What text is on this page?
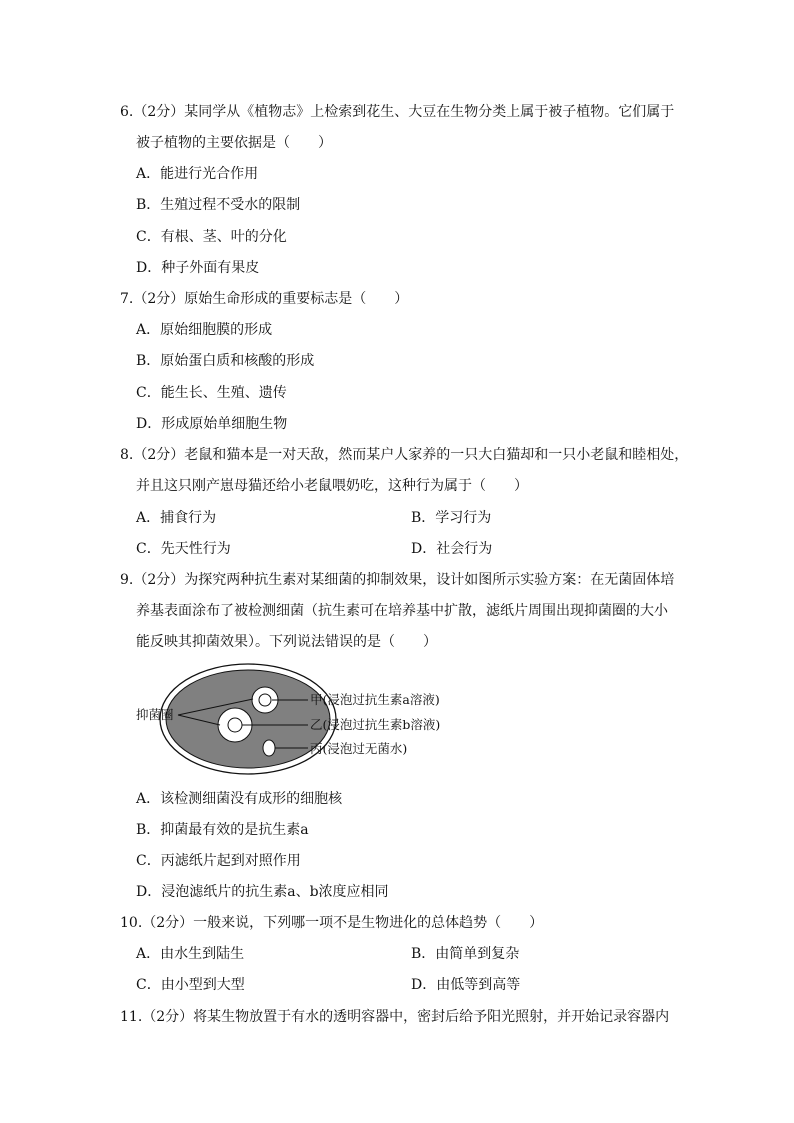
6.（2分）某同学从《植物志》上检索到花生、大豆在生物分类上属于被子植物。它们属于
被子植物的主要依据是（　　）
A．能进行光合作用
B．生殖过程不受水的限制
C．有根、茎、叶的分化
D．种子外面有果皮
7.（2分）原始生命形成的重要标志是（　　）
A．原始细胞膜的形成
B．原始蛋白质和核酸的形成
C．能生长、生殖、遗传
D．形成原始单细胞生物
8.（2分）老鼠和猫本是一对天敌，然而某户人家养的一只大白猫却和一只小老鼠和睦相处，
并且这只刚产崽母猫还给小老鼠喂奶吃，这种行为属于（　　）
A．捕食行为	B．学习行为
C．先天性行为	D．社会行为
9.（2分）为探究两种抗生素对某细菌的抑制效果，设计如图所示实验方案：在无菌固体培
养基表面涂布了被检测细菌（抗生素可在培养基中扩散，滤纸片周围出现抑菌圈的大小
能反映其抑菌效果）。下列说法错误的是（　　）
抑菌圈
甲(浸泡过抗生素a溶液)
乙(浸泡过抗生素b溶液)
丙(浸泡过无菌水)
A．该检测细菌没有成形的细胞核
B．抑菌最有效的是抗生素a
C．丙滤纸片起到对照作用
D．浸泡滤纸片的抗生素a、b浓度应相同
10.（2分）一般来说，下列哪一项不是生物进化的总体趋势（　　）
A．由水生到陆生	B．由简单到复杂
C．由小型到大型	D．由低等到高等
11.（2分）将某生物放置于有水的透明容器中，密封后给予阳光照射，并开始记录容器内
